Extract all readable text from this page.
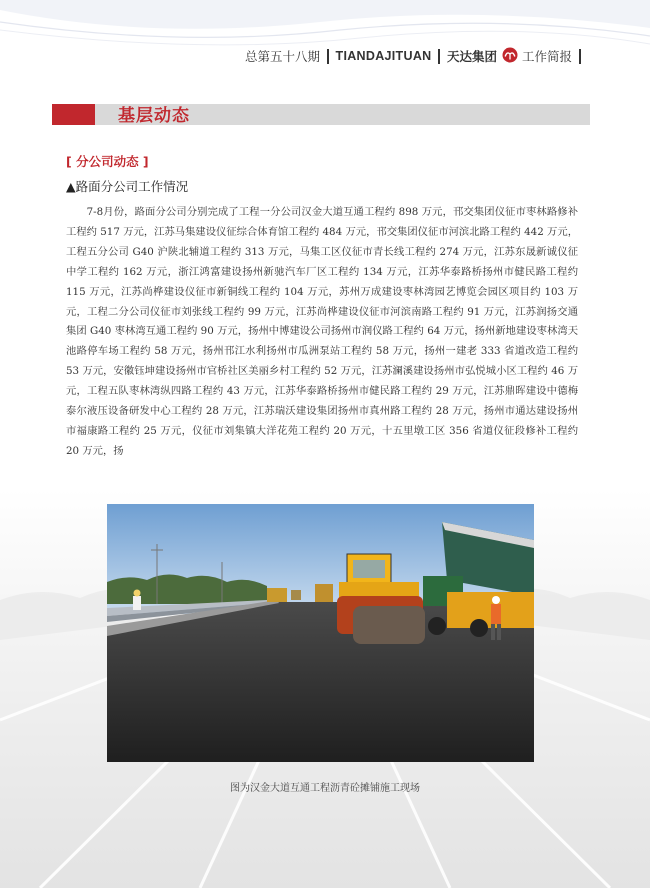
总第五十八期 TIANDAJITUAN 天达集团 工作简报
基层动态
[ 分公司动态 ]
▲路面分公司工作情况

7-8月份，路面分公司分别完成了工程一分公司汉金大道互通工程约 898 万元，邗交集团仪征市枣林路修补工程约 517 万元，江苏马集建设仪征综合体育馆工程约 484 万元，邗交集团仪征市河滨北路工程约 442 万元，工程五分公司 G40 沪陕北辅道工程约 313 万元，马集工区仪征市青长线工程约 274 万元，江苏东晟新诚仪征中学工程约 162 万元，浙江鸿富建设扬州新驰汽车厂区工程约 134 万元，江苏华泰路桥扬州市健民路工程约 115 万元，江苏尚桦建设仪征市新铜线工程约 104 万元，苏州万成建设枣林湾园艺博览会园区项目约 103 万元，工程二分公司仪征市刘张线工程约 99 万元，江苏尚桦建设仪征市河滨南路工程约 91 万元，江苏润扬交通集团 G40 枣林湾互通工程约 90 万元，扬州中博建设公司扬州市润仪路工程约 64 万元，扬州新地建设枣林湾天池路停车场工程约 58 万元，扬州邗江水利扬州市瓜洲泵站工程约 58 万元，扬州一建老 333 省道改造工程约 53 万元，安徽钰坤建设扬州市官桥社区美丽乡村工程约 52 万元，江苏澜溪建设扬州市弘悦城小区工程约 46 万元，工程五队枣林湾纵四路工程约 43 万元，江苏华泰路桥扬州市健民路工程约 29 万元，江苏鼎晖建设中德梅泰尔液压设备研发中心工程约 28 万元，江苏瑞沃建设集团扬州市真州路工程约 28 万元，扬州市通达建设扬州市福康路工程约 25 万元，仪征市刘集镇大洋花苑工程约 20 万元，十五里墩工区 356 省道仪征段修补工程约 20 万元，扬

图为汉金大道互通工程沥青砼摊铺施工现场
